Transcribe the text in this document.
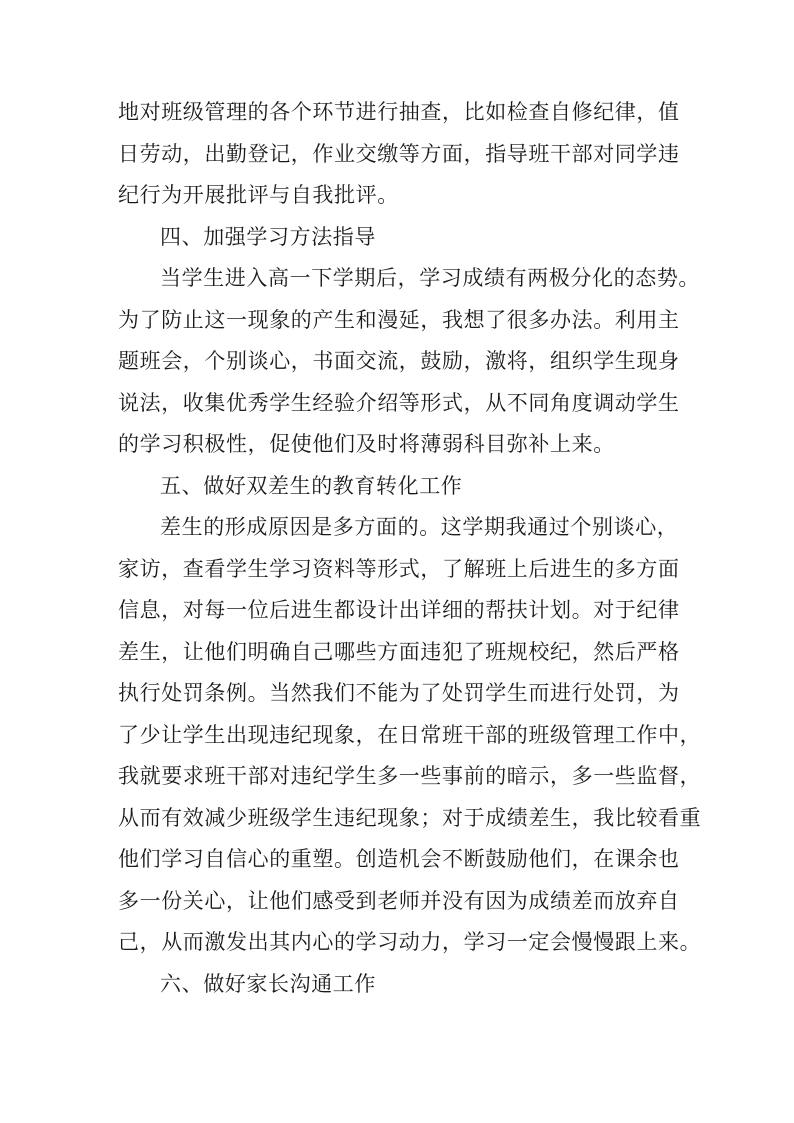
地对班级管理的各个环节进行抽查，比如检查自修纪律，值
日劳动，出勤登记，作业交缴等方面，指导班干部对同学违
纪行为开展批评与自我批评。
四、加强学习方法指导
当学生进入高一下学期后，学习成绩有两极分化的态势。
为了防止这一现象的产生和漫延，我想了很多办法。利用主
题班会，个别谈心，书面交流，鼓励，激将，组织学生现身
说法，收集优秀学生经验介绍等形式，从不同角度调动学生
的学习积极性，促使他们及时将薄弱科目弥补上来。
五、做好双差生的教育转化工作
差生的形成原因是多方面的。这学期我通过个别谈心，
家访，查看学生学习资料等形式，了解班上后进生的多方面
信息，对每一位后进生都设计出详细的帮扶计划。对于纪律
差生，让他们明确自己哪些方面违犯了班规校纪，然后严格
执行处罚条例。当然我们不能为了处罚学生而进行处罚，为
了少让学生出现违纪现象，在日常班干部的班级管理工作中，
我就要求班干部对违纪学生多一些事前的暗示，多一些监督，
从而有效减少班级学生违纪现象；对于成绩差生，我比较看重
他们学习自信心的重塑。创造机会不断鼓励他们，在课余也
多一份关心，让他们感受到老师并没有因为成绩差而放弃自
己，从而激发出其内心的学习动力，学习一定会慢慢跟上来。
六、做好家长沟通工作
